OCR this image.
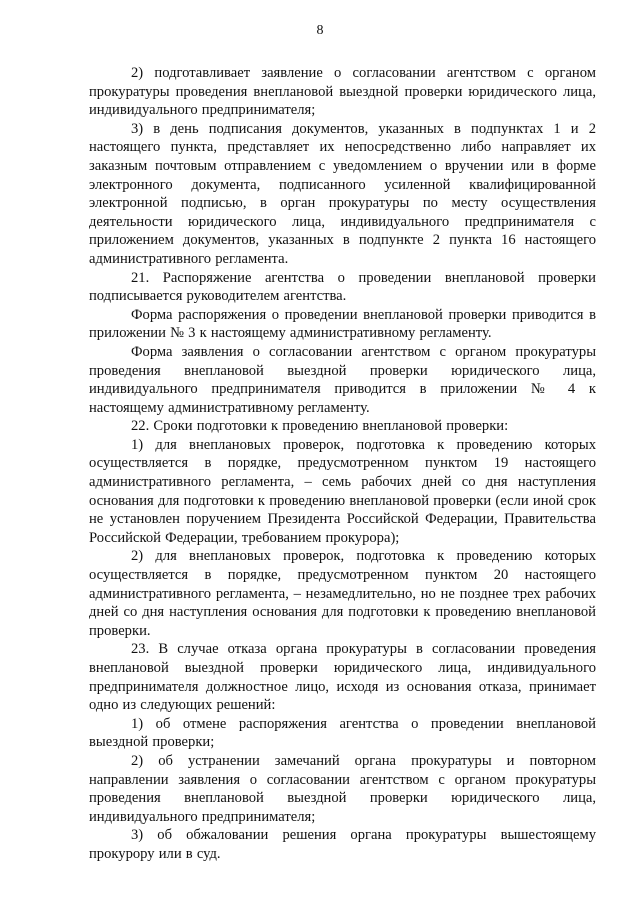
8

2) подготавливает заявление о согласовании агентством с органом прокуратуры проведения внеплановой выездной проверки юридического лица, индивидуального предпринимателя;

3) в день подписания документов, указанных в подпунктах 1 и 2 настоящего пункта, представляет их непосредственно либо направляет их заказным почтовым отправлением с уведомлением о вручении или в форме электронного документа, подписанного усиленной квалифицированной электронной подписью, в орган прокуратуры по месту осуществления деятельности юридического лица, индивидуального предпринимателя с приложением документов, указанных в подпункте 2 пункта 16 настоящего административного регламента.

21. Распоряжение агентства о проведении внеплановой проверки подписывается руководителем агентства.

Форма распоряжения о проведении внеплановой проверки приводится в приложении № 3 к настоящему административному регламенту.

Форма заявления о согласовании агентством с органом прокуратуры проведения внеплановой выездной проверки юридического лица, индивидуального предпринимателя приводится в приложении № 4 к настоящему административному регламенту.

22. Сроки подготовки к проведению внеплановой проверки:

1) для внеплановых проверок, подготовка к проведению которых осуществляется в порядке, предусмотренном пунктом 19 настоящего административного регламента, – семь рабочих дней со дня наступления основания для подготовки к проведению внеплановой проверки (если иной срок не установлен поручением Президента Российской Федерации, Правительства Российской Федерации, требованием прокурора);

2) для внеплановых проверок, подготовка к проведению которых осуществляется в порядке, предусмотренном пунктом 20 настоящего административного регламента, – незамедлительно, но не позднее трех рабочих дней со дня наступления основания для подготовки к проведению внеплановой проверки.

23. В случае отказа органа прокуратуры в согласовании проведения внеплановой выездной проверки юридического лица, индивидуального предпринимателя должностное лицо, исходя из основания отказа, принимает одно из следующих решений:

1) об отмене распоряжения агентства о проведении внеплановой выездной проверки;

2) об устранении замечаний органа прокуратуры и повторном направлении заявления о согласовании агентством с органом прокуратуры проведения внеплановой выездной проверки юридического лица, индивидуального предпринимателя;

3) об обжаловании решения органа прокуратуры вышестоящему прокурору или в суд.
